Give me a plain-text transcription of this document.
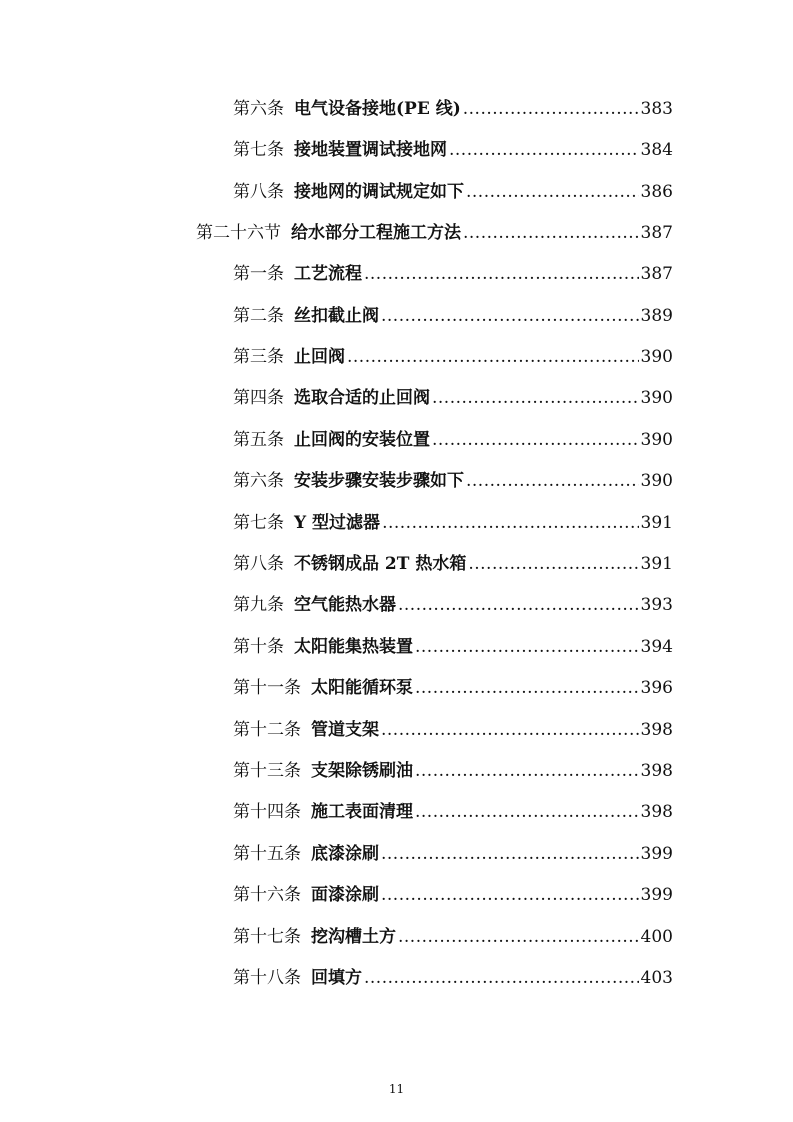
第六条 电气设备接地(PE 线) .....	383
第七条 接地装置调试接地网 .....	384
第八条 接地网的调试规定如下 .....	386
第二十六节 给水部分工程施工方法 .....	387
第一条 工艺流程 .....	387
第二条 丝扣截止阀 .....	389
第三条 止回阀 .....	390
第四条 选取合适的止回阀 .....	390
第五条 止回阀的安装位置 .....	390
第六条 安装步骤安装步骤如下 .....	390
第七条 Y 型过滤器 .....	391
第八条 不锈钢成品 2T 热水箱 .....	391
第九条 空气能热水器 .....	393
第十条 太阳能集热装置 .....	394
第十一条 太阳能循环泵 .....	396
第十二条 管道支架 .....	398
第十三条 支架除锈刷油 .....	398
第十四条 施工表面清理 .....	398
第十五条 底漆涂刷 .....	399
第十六条 面漆涂刷 .....	399
第十七条 挖沟槽土方 .....	400
第十八条 回填方 .....	403
11
